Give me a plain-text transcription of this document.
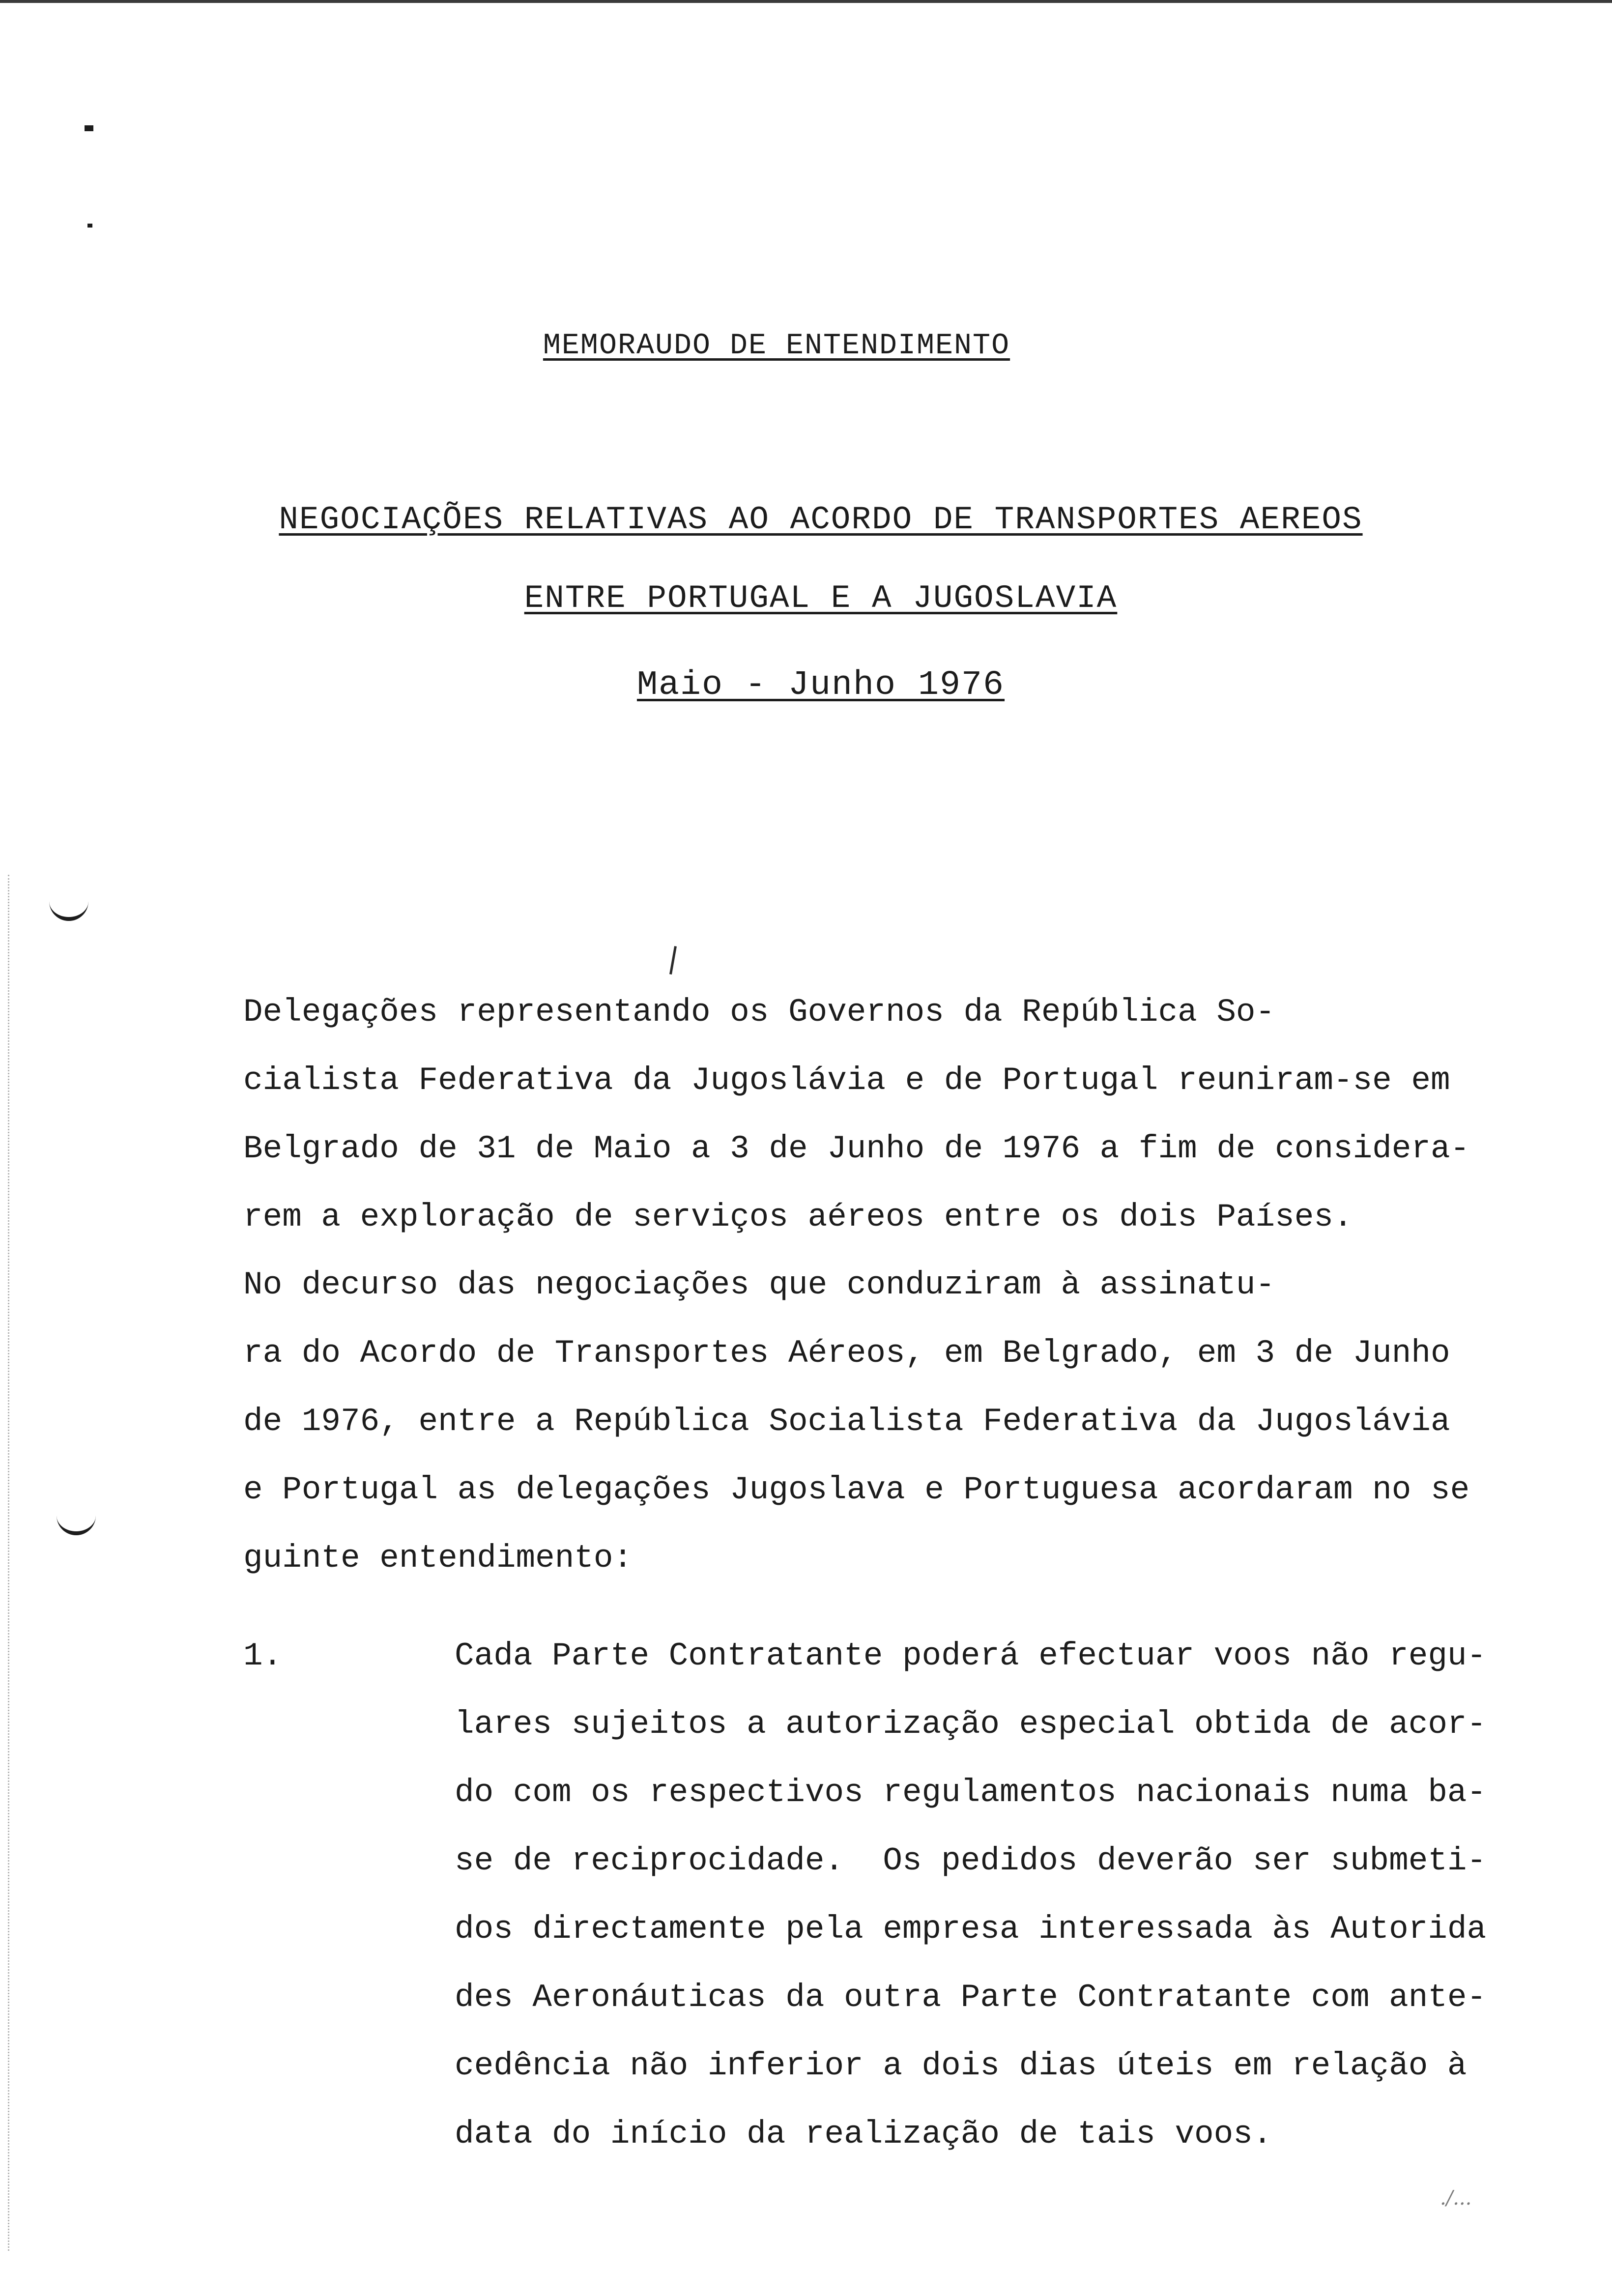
MEMORAUDO DE ENTENDIMENTO
NEGOCIAÇÕES RELATIVAS AO ACORDO DE TRANSPORTES AEREOS
ENTRE PORTUGAL E A JUGOSLAVIA
Maio - Junho 1976
Delegações representando os Governos da República So-
cialista Federativa da Jugoslávia e de Portugal reuniram-se em
Belgrado de 31 de Maio a 3 de Junho de 1976 a fim de considera-
rem a exploração de serviços aéreos entre os dois Países.
No decurso das negociações que conduziram à assinatu-
ra do Acordo de Transportes Aéreos, em Belgrado, em 3 de Junho
de 1976, entre a República Socialista Federativa da Jugoslávia
e Portugal as delegações Jugoslava e Portuguesa acordaram no se
guinte entendimento:
1.	Cada Parte Contratante poderá efectuar voos não regu-
lares sujeitos a autorização especial obtida de acor-
do com os respectivos regulamentos nacionais numa ba-
se de reciprocidade.  Os pedidos deverão ser submeti-
dos directamente pela empresa interessada às Autorida
des Aeronáuticas da outra Parte Contratante com ante-
cedência não inferior a dois dias úteis em relação à
data do início da realização de tais voos.
./...
